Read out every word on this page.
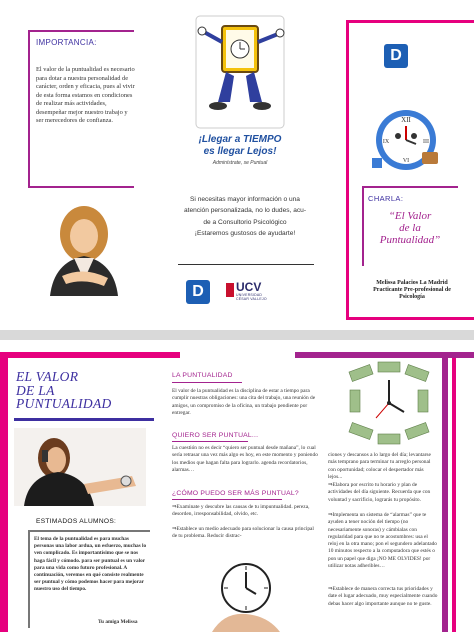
IMPORTANCIA:
El valor de la puntualidad es necesario para dotar a nuestra personalidad de carácter, orden y eficacia, pues al vivir de esta forma estamos en condiciones de realizar más actividades, desempeñar mejor nuestro trabajo y ser merecedores de confianza.
¡Llegar a TIEMPO
es llegar Lejos!
Adminístrate, se Puntual
Si necesitas mayor información o una
atención personalizada, no lo dudes, acu-
de a Consultorio Psicológico
¡Estaremos gustosos de ayudarte!
D	UCV
UNIVERSIDAD
CÉSAR VALLEJO
D
XII
III
VI
IX
CHARLA:
“El Valor
de la
Puntualidad”
Melissa Palacios La Madrid
Practicante Pre-profesional de
Psicología
EL VALOR
DE LA
PUNTUALIDAD
ESTIMADOS ALUMNOS:
El tema de la puntualidad es para muchas personas una labor ardua, un esfuerzo, muchas lo ven complicado. Es importantísimo que se nos haga fácil y cómodo. para ser puntual es un valor para una vida como futuro profesional. A continuación, veremos en qué consiste realmente ser puntual y cómo podemos hacer para mejorar nuestro uso del tiempo.
Tu amiga Melissa
LA PUNTUALIDAD
El valor de la puntualidad es la disciplina de estar a tiempo para cumplir nuestras obligaciones: una cita del trabajo, una reunión de amigos, un compromiso de la oficina, un trabajo pendiente por entregar.
QUIERO SER PUNTUAL...
La cuestión no es decir “quiero ser puntual desde mañana”, lo cual sería retrasar una vez más algo es hoy, en este momento y poniendo los medios que hagan falta para lograrlo. agenda recordatorios, alarmas…
¿CÓMO PUEDO SER MÁS PUNTUAL?
⇒Examinate y descubre las causas de tu impuntualidad. pereza, desorden, irresponsabilidad, olvido, etc.
⇒Establece un medio adecuado para solucionar la causa principal de tu problema. Reducir distrac-
ciones y descansos a lo largo del día; levantarse más temprano para terminar tu arreglo personal con oportunidad; colocar el despertador más lejos...
⇒Elabora por escrito tu horario y plan de actividades del día siguiente. Recuerda que con voluntad y sacrificio, lograrás tu propósito.
⇒Implementa un sistema de “alarmas” que te ayuden a tener noción del tiempo (no necesariamente sonoras) y cámbialas con regularidad para que no te acostumbres: usa el reloj en la otra mano; pon el segundero adelantado 10 minutos respecto a la computadora que estés o pon un papel que diga ¡NO ME OLVIDES! por utilizar notas adheribles…
⇒Establece de manera correcta tus prioridades y date el lugar adecuado, muy especialmente cuando debas hacer algo importante aunque no te guste.
